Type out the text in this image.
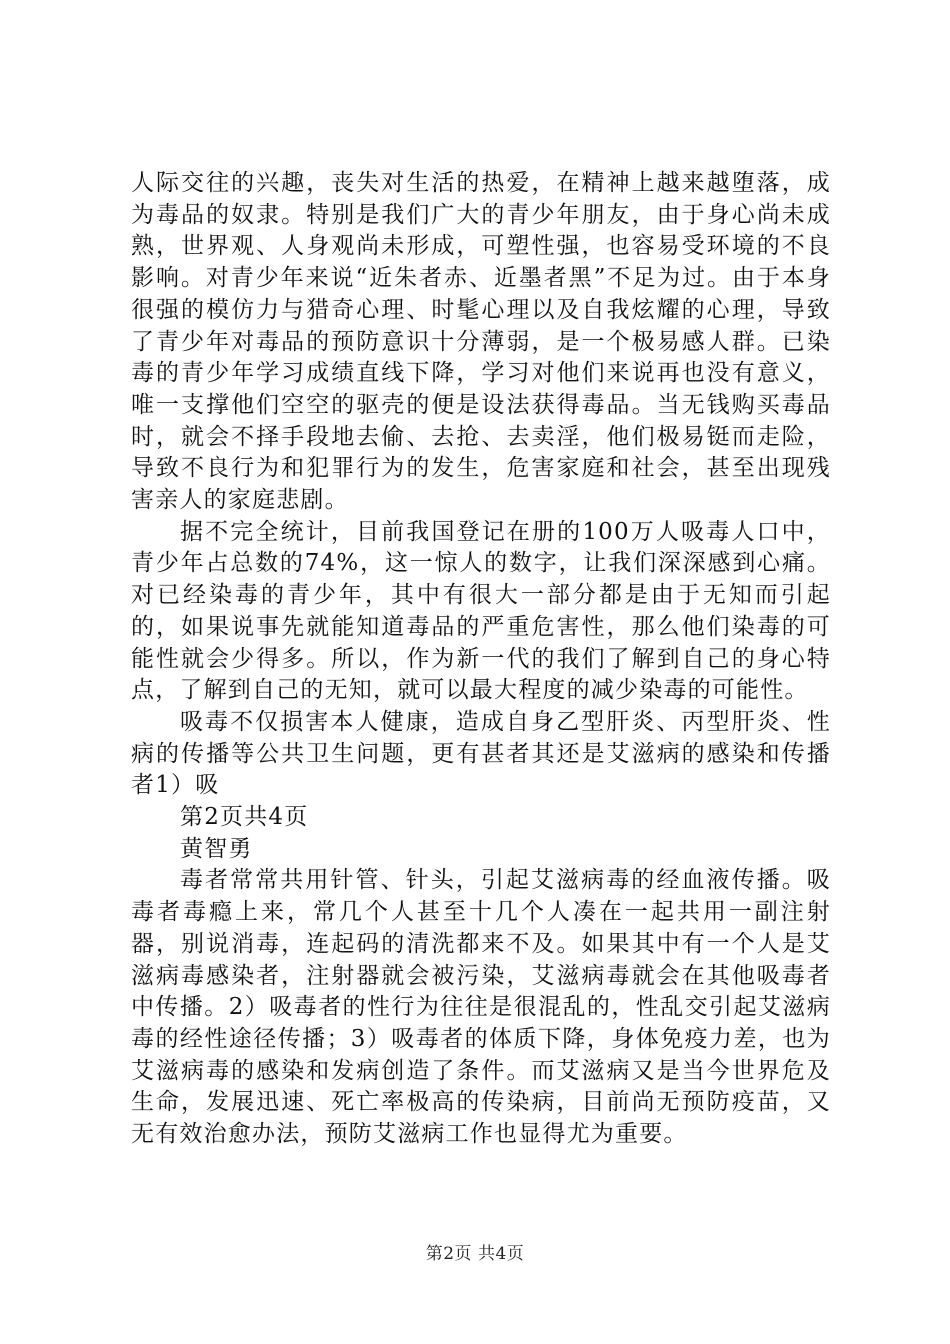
人际交往的兴趣，丧失对生活的热爱，在精神上越来越堕落，成为毒品的奴隶。特别是我们广大的青少年朋友，由于身心尚未成熟，世界观、人身观尚未形成，可塑性强，也容易受环境的不良影响。对青少年来说“近朱者赤、近墨者黑”不足为过。由于本身很强的模仿力与猎奇心理、时髦心理以及自我炫耀的心理，导致了青少年对毒品的预防意识十分薄弱，是一个极易感人群。已染毒的青少年学习成绩直线下降，学习对他们来说再也没有意义，唯一支撑他们空空的驱壳的便是设法获得毒品。当无钱购买毒品时，就会不择手段地去偷、去抢、去卖淫，他们极易铤而走险，导致不良行为和犯罪行为的发生，危害家庭和社会，甚至出现残害亲人的家庭悲剧。

据不完全统计，目前我国登记在册的100万人吸毒人口中，青少年占总数的74%，这一惊人的数字，让我们深深感到心痛。对已经染毒的青少年，其中有很大一部分都是由于无知而引起的，如果说事先就能知道毒品的严重危害性，那么他们染毒的可能性就会少得多。所以，作为新一代的我们了解到自己的身心特点，了解到自己的无知，就可以最大程度的减少染毒的可能性。

吸毒不仅损害本人健康，造成自身乙型肝炎、丙型肝炎、性病的传播等公共卫生问题，更有甚者其还是艾滋病的感染和传播者1）吸

第2页共4页

黄智勇

毒者常常共用针管、针头，引起艾滋病毒的经血液传播。吸毒者毒瘾上来，常几个人甚至十几个人凑在一起共用一副注射器，别说消毒，连起码的清洗都来不及。如果其中有一个人是艾滋病毒感染者，注射器就会被污染，艾滋病毒就会在其他吸毒者中传播。2）吸毒者的性行为往往是很混乱的，性乱交引起艾滋病毒的经性途径传播；3）吸毒者的体质下降，身体免疫力差，也为艾滋病毒的感染和发病创造了条件。而艾滋病又是当今世界危及生命，发展迅速、死亡率极高的传染病，目前尚无预防疫苗，又无有效治愈办法，预防艾滋病工作也显得尤为重要。

第2页 共4页
